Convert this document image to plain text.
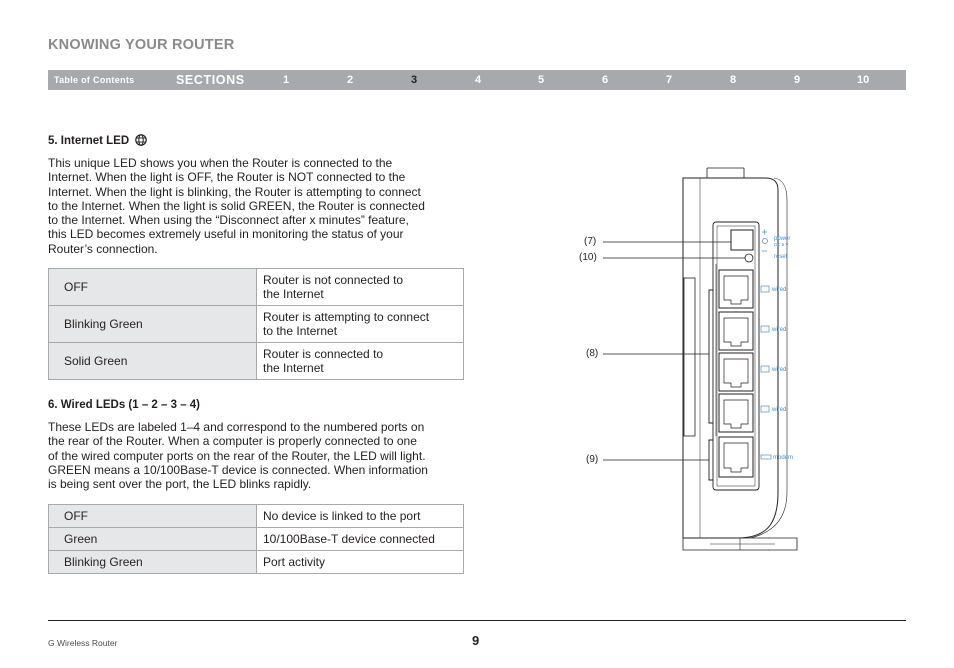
KNOWING YOUR ROUTER
Table of Contents	SECTIONS	1	2	3	4	5	6	7	8	9	10
5. Internet LED

This unique LED shows you when the Router is connected to the

Internet. When the light is OFF, the Router is NOT connected to the

Internet. When the light is blinking, the Router is attempting to connect

to the Internet. When the light is solid GREEN, the Router is connected

to the Internet. When using the “Disconnect after x minutes” feature,

this LED becomes extremely useful in monitoring the status of your

Router’s connection.

OFF	Router is not connected to
the Internet

Blinking Green	Router is attempting to connect
to the Internet

Solid Green	Router is connected to
the Internet
6. Wired LEDs (1 – 2 – 3 – 4)

These LEDs are labeled 1–4 and correspond to the numbered ports on

the rear of the Router. When a computer is properly connected to one

of the wired computer ports on the rear of the Router, the LED will light.

GREEN means a 10/100Base-T device is connected. When information

is being sent over the port, the LED blinks rapidly.

OFF	No device is linked to the port
Green	10/100Base-T device connected
Blinking Green	Port activity
power
DC 5 V
reset
wired
wired
wired
wired
modem
(7)
(10)
(8)
(9)
G Wireless Router	9
